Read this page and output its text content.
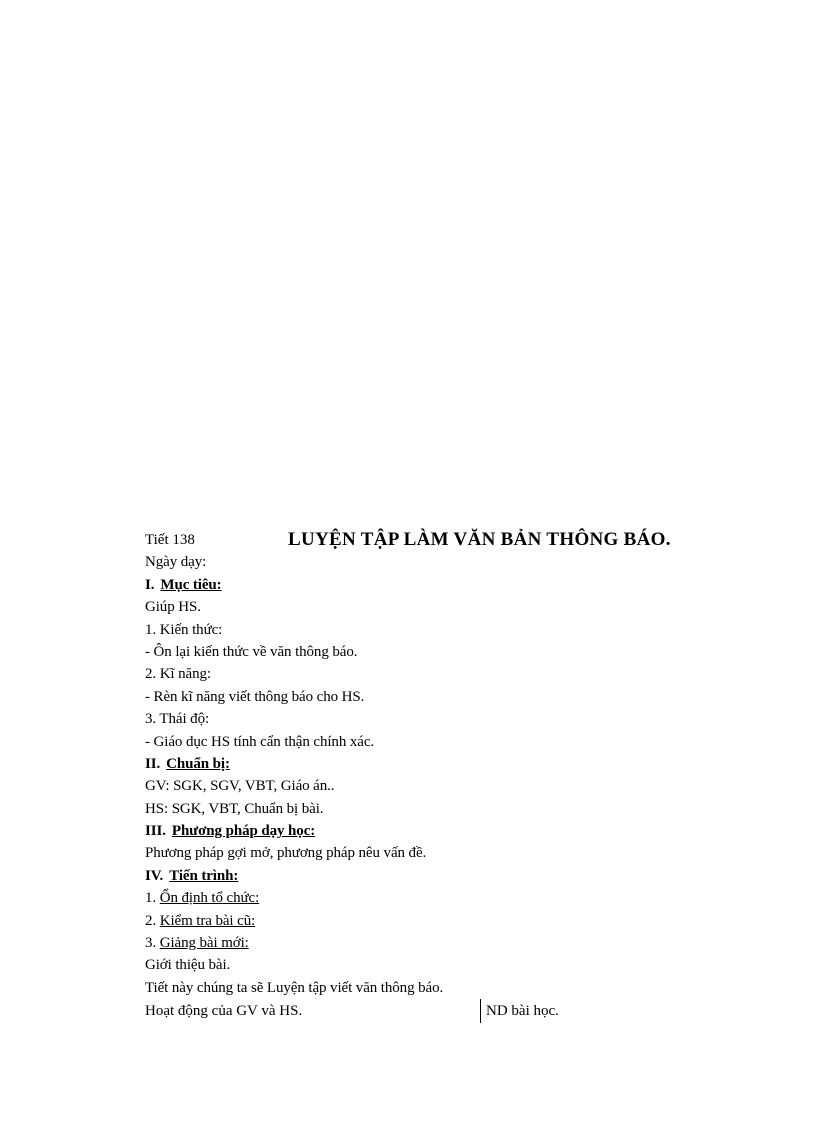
Tiết 138	LUYỆN TẬP LÀM VĂN BẢN THÔNG BÁO.
Ngày dạy:
I. Mục tiêu:
Giúp HS.
1. Kiến thức:
- Ôn lại kiến thức về văn thông báo.
2. Kĩ năng:
- Rèn kĩ năng viết thông báo cho HS.
3. Thái độ:
- Giáo dục HS tính cẩn thận chính xác.
II. Chuẩn bị:
GV: SGK, SGV, VBT, Giáo án..
HS: SGK, VBT, Chuẩn bị bài.
III. Phương pháp dạy học:
Phương pháp gợi mở, phương pháp nêu vấn đề.
IV. Tiến trình:
1. Ổn định tổ chức:
2. Kiểm tra bài cũ:
3. Giảng bài mới:
Giới thiệu bài.
Tiết này chúng ta sẽ Luyện tập viết văn thông báo.
Hoạt động của GV và HS.	ND bài học.
